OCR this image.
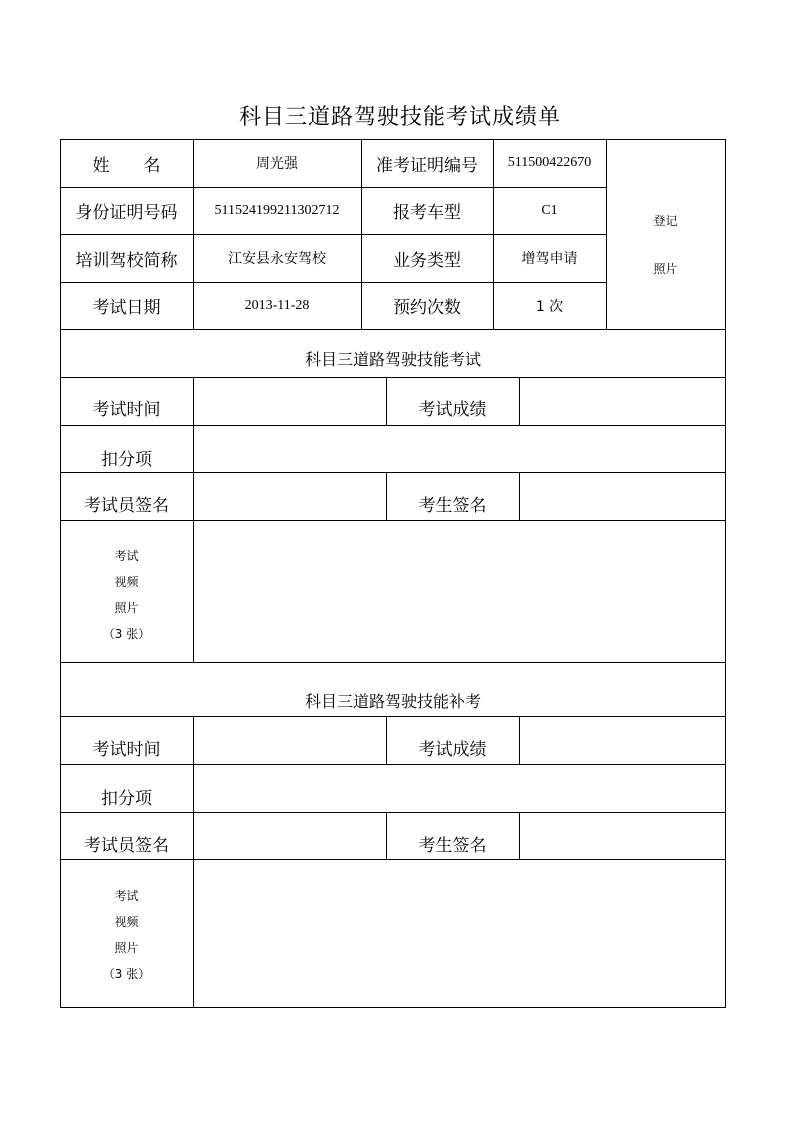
科目三道路驾驶技能考试成绩单
姓　　名	周光强	准考证明编号	511500422670
身份证明号码	511524199211302712	报考车型	C1
培训驾校简称	江安县永安驾校	业务类型	增驾申请
考试日期	2013-11-28	预约次数	1 次
登记
照片
科目三道路驾驶技能考试
考试时间	考试成绩
扣分项
考试员签名	考生签名
考试
视频
照片
（3 张）
科目三道路驾驶技能补考
考试时间	考试成绩
扣分项
考试员签名	考生签名
考试
视频
照片
（3 张）
